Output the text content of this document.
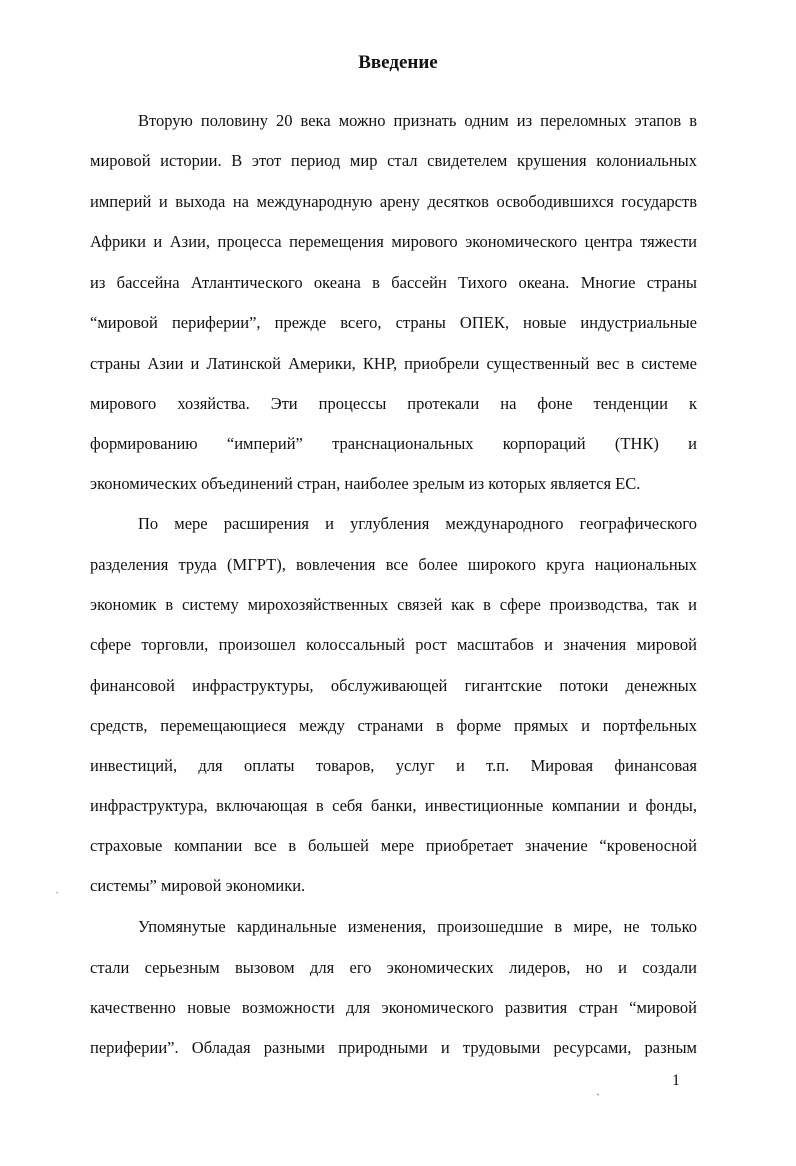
Введение
Вторую половину 20 века можно признать одним из переломных этапов в
мировой истории. В этот период мир стал свидетелем крушения колониальных
империй и выхода на международную арену десятков освободившихся государств
Африки и Азии, процесса перемещения мирового экономического центра тяжести
из бассейна Атлантического океана в бассейн Тихого океана. Многие страны
“мировой периферии”, прежде всего, страны ОПЕК, новые индустриальные
страны Азии и Латинской Америки, КНР, приобрели существенный вес в системе
мирового хозяйства. Эти процессы протекали на фоне тенденции к
формированию “империй” транснациональных корпораций (ТНК) и
экономических объединений стран, наиболее зрелым из которых является ЕС.
По мере расширения и углубления международного географического
разделения труда (МГРТ), вовлечения все более широкого круга национальных
экономик в систему мирохозяйственных связей как в сфере производства, так и
сфере торговли, произошел колоссальный рост масштабов и значения мировой
финансовой инфраструктуры, обслуживающей гигантские потоки денежных
средств, перемещающиеся между странами в форме прямых и портфельных
инвестиций, для оплаты товаров, услуг и т.п. Мировая финансовая
инфраструктура, включающая в себя банки, инвестиционные компании и фонды,
страховые компании все в большей мере приобретает значение “кровеносной
системы” мировой экономики.
Упомянутые кардинальные изменения, произошедшие в мире, не только
стали серьезным вызовом для его экономических лидеров, но и создали
качественно новые возможности для экономического развития стран “мировой
периферии”. Обладая разными природными и трудовыми ресурсами, разным
ˌ
ˏ	1
